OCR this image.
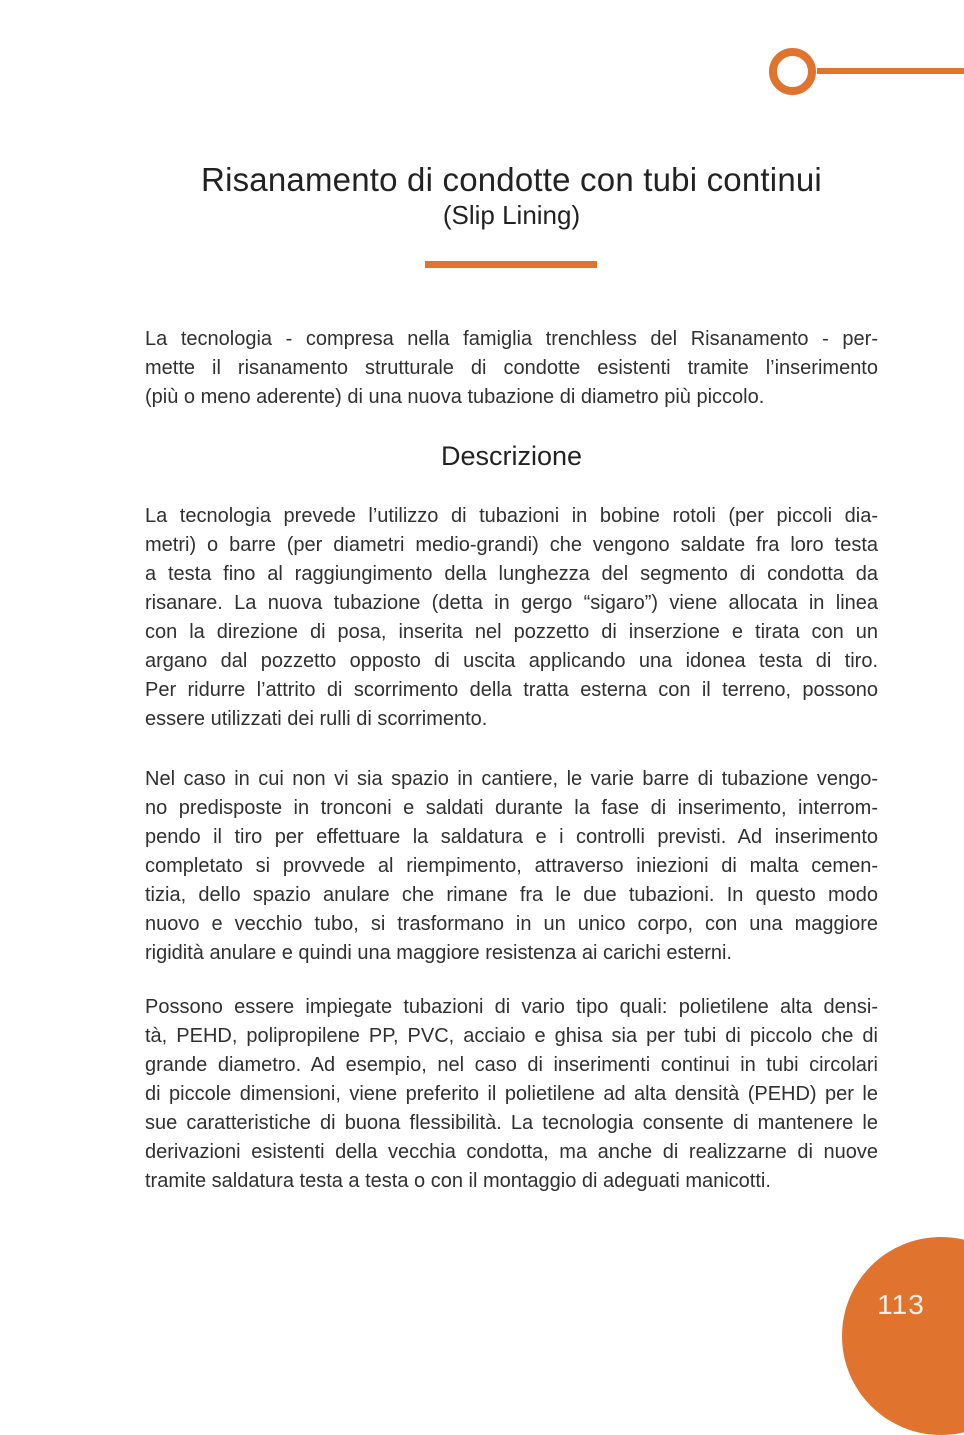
Risanamento di condotte con tubi continui
(Slip Lining)
La tecnologia - compresa nella famiglia trenchless del Risanamento - per-
mette il risanamento strutturale di condotte esistenti tramite l’inserimento
(più o meno aderente) di una nuova tubazione di diametro più piccolo.
Descrizione
La tecnologia prevede l’utilizzo di tubazioni in bobine rotoli (per piccoli dia-
metri) o barre (per diametri medio-grandi) che vengono saldate fra loro testa
a testa fino al raggiungimento della lunghezza del segmento di condotta da
risanare. La nuova tubazione (detta in gergo “sigaro”) viene allocata in linea
con la direzione di posa, inserita nel pozzetto di inserzione e tirata con un
argano dal pozzetto opposto di uscita applicando una idonea testa di tiro.
Per ridurre l’attrito di scorrimento della tratta esterna con il terreno, possono
essere utilizzati dei rulli di scorrimento.
Nel caso in cui non vi sia spazio in cantiere, le varie barre di tubazione vengo-
no predisposte in tronconi e saldati durante la fase di inserimento, interrom-
pendo il tiro per effettuare la saldatura e i controlli previsti. Ad inserimento
completato si provvede al riempimento, attraverso iniezioni di malta cemen-
tizia, dello spazio anulare che rimane fra le due tubazioni. In questo modo
nuovo e vecchio tubo, si trasformano in un unico corpo, con una maggiore
rigidità anulare e quindi una maggiore resistenza ai carichi esterni.
Possono essere impiegate tubazioni di vario tipo quali: polietilene alta densi-
tà, PEHD, polipropilene PP, PVC, acciaio e ghisa sia per tubi di piccolo che di
grande diametro. Ad esempio, nel caso di inserimenti continui in tubi circolari
di piccole dimensioni, viene preferito il polietilene ad alta densità (PEHD) per le
sue caratteristiche di buona flessibilità. La tecnologia consente di mantenere le
derivazioni esistenti della vecchia condotta, ma anche di realizzarne di nuove
tramite saldatura testa a testa o con il montaggio di adeguati manicotti.
113
